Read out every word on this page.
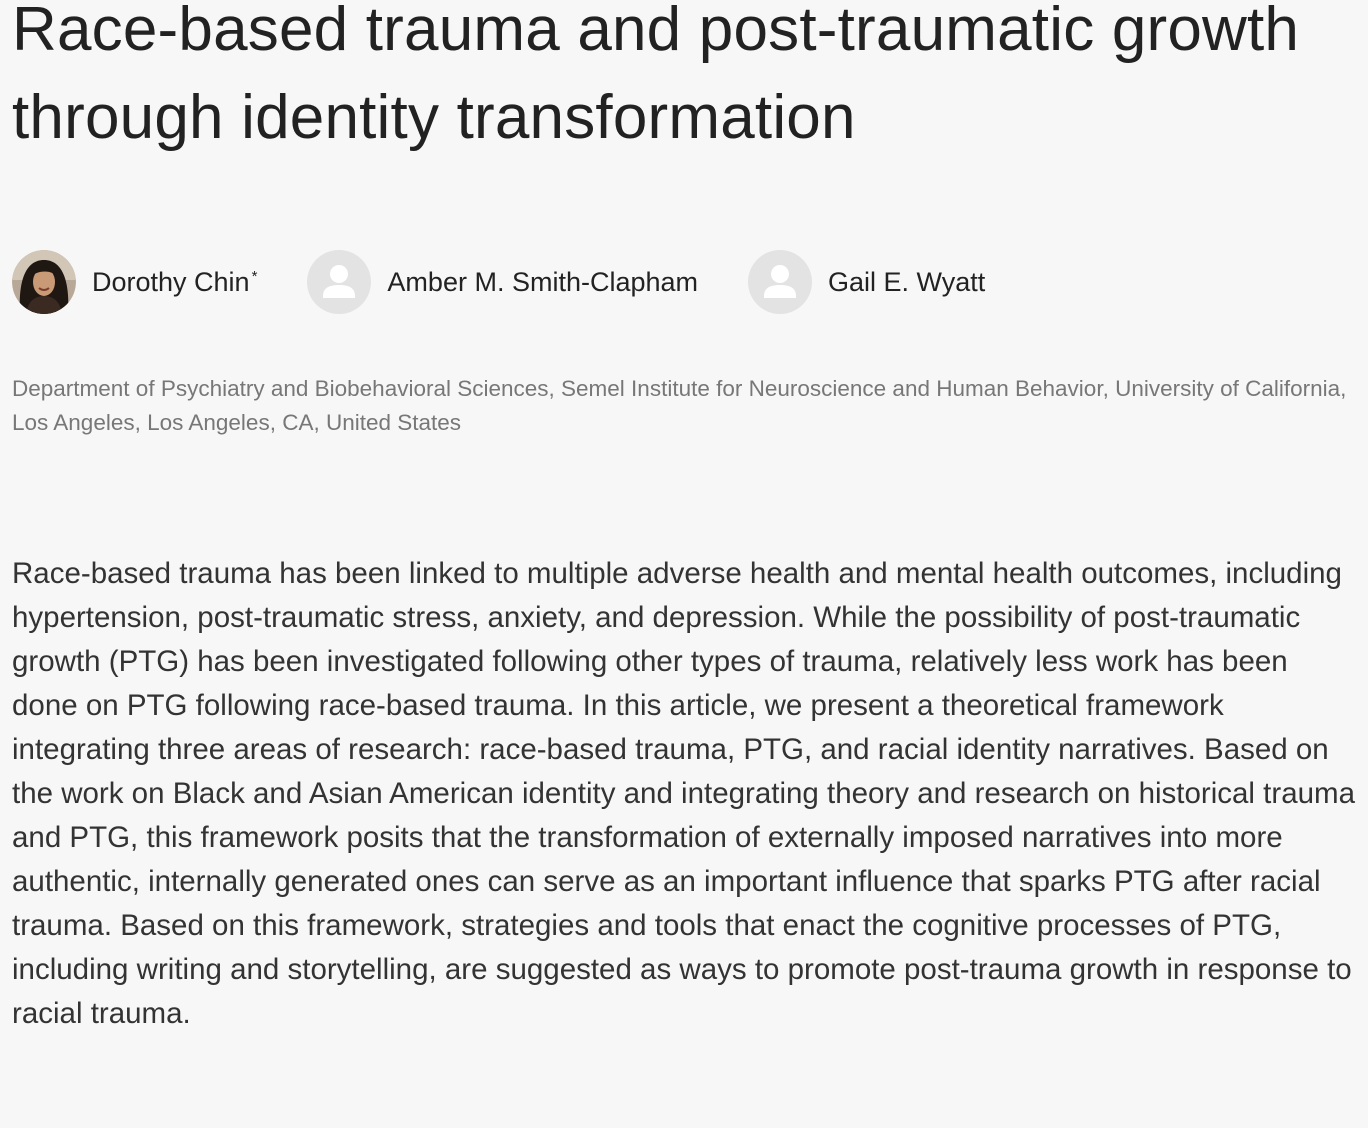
Race-based trauma and post-traumatic growth through identity transformation
Dorothy Chin *	Amber M. Smith-Clapham	Gail E. Wyatt
Department of Psychiatry and Biobehavioral Sciences, Semel Institute for Neuroscience and Human Behavior, University of California, Los Angeles, Los Angeles, CA, United States

Race-based trauma has been linked to multiple adverse health and mental health outcomes, including hypertension, post-traumatic stress, anxiety, and depression. While the possibility of post-traumatic growth (PTG) has been investigated following other types of trauma, relatively less work has been done on PTG following race-based trauma. In this article, we present a theoretical framework integrating three areas of research: race-based trauma, PTG, and racial identity narratives. Based on the work on Black and Asian American identity and integrating theory and research on historical trauma and PTG, this framework posits that the transformation of externally imposed narratives into more authentic, internally generated ones can serve as an important influence that sparks PTG after racial trauma. Based on this framework, strategies and tools that enact the cognitive processes of PTG, including writing and storytelling, are suggested as ways to promote post-trauma growth in response to racial trauma.
